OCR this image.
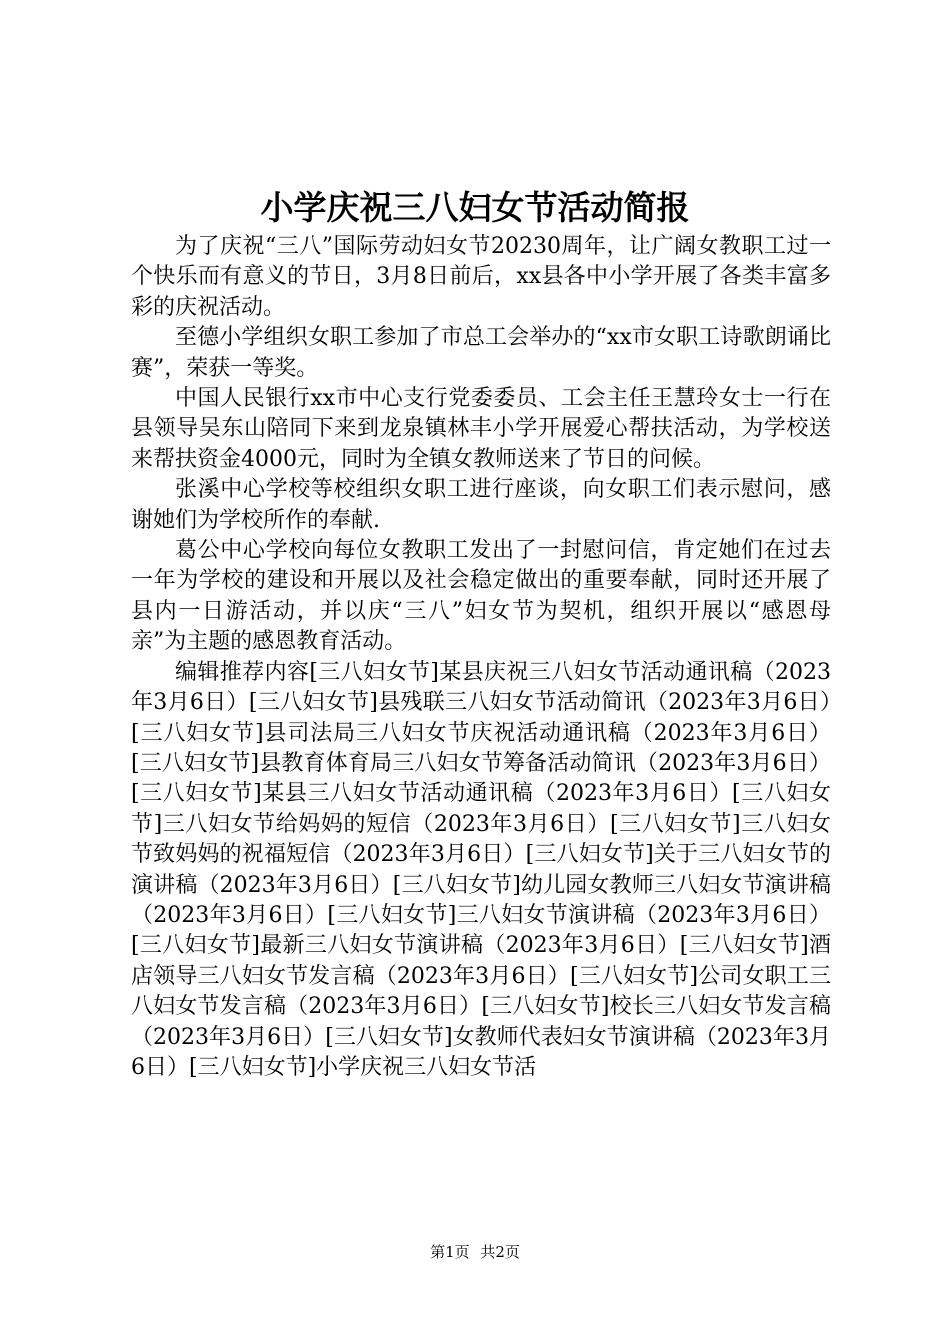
小学庆祝三八妇女节活动简报

为了庆祝“三八”国际劳动妇女节20230周年，让广阔女教职工过一个快乐而有意义的节日，3月8日前后，xx县各中小学开展了各类丰富多彩的庆祝活动。

至德小学组织女职工参加了市总工会举办的“xx市女职工诗歌朗诵比赛”，荣获一等奖。

中国人民银行xx市中心支行党委委员、工会主任王慧玲女士一行在县领导吴东山陪同下来到龙泉镇林丰小学开展爱心帮扶活动，为学校送来帮扶资金4000元，同时为全镇女教师送来了节日的问候。

张溪中心学校等校组织女职工进行座谈，向女职工们表示慰问，感谢她们为学校所作的奉献.

葛公中心学校向每位女教职工发出了一封慰问信，肯定她们在过去一年为学校的建设和开展以及社会稳定做出的重要奉献，同时还开展了县内一日游活动，并以庆“三八”妇女节为契机，组织开展以“感恩母亲”为主题的感恩教育活动。

编辑推荐内容[三八妇女节]某县庆祝三八妇女节活动通讯稿（2023年3月6日）[三八妇女节]县残联三八妇女节活动简讯（2023年3月6日）[三八妇女节]县司法局三八妇女节庆祝活动通讯稿（2023年3月6日）[三八妇女节]县教育体育局三八妇女节筹备活动简讯（2023年3月6日）[三八妇女节]某县三八妇女节活动通讯稿（2023年3月6日）[三八妇女节]三八妇女节给妈妈的短信（2023年3月6日）[三八妇女节]三八妇女节致妈妈的祝福短信（2023年3月6日）[三八妇女节]关于三八妇女节的演讲稿（2023年3月6日）[三八妇女节]幼儿园女教师三八妇女节演讲稿（2023年3月6日）[三八妇女节]三八妇女节演讲稿（2023年3月6日）[三八妇女节]最新三八妇女节演讲稿（2023年3月6日）[三八妇女节]酒店领导三八妇女节发言稿（2023年3月6日）[三八妇女节]公司女职工三八妇女节发言稿（2023年3月6日）[三八妇女节]校长三八妇女节发言稿（2023年3月6日）[三八妇女节]女教师代表妇女节演讲稿（2023年3月6日）[三八妇女节]小学庆祝三八妇女节活

第1页 共2页
